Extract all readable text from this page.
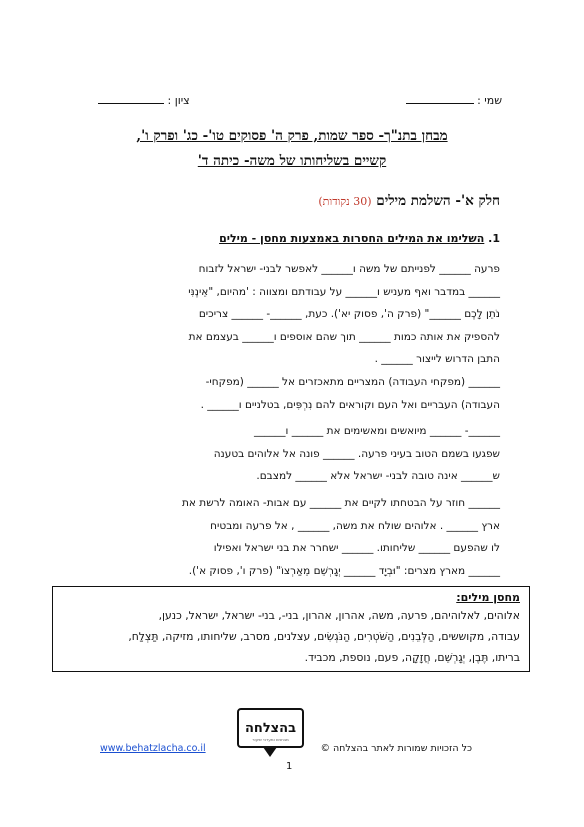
שמי :
ציון :
מבחן בתנ"ך- ספר שמות, פרק ה' פסוקים טו'- כג' ופרק ו',
קשיים בשליחותו של משה- כיתה ד'
חלק א'- השלמת מילים (30 נקודות)
1. השלימו את המילים החסרות באמצעות מחסן - מילים
פרעה ______ לפנייתם של משה ו______ לאפשר לבני- ישראל לזבוח
______ במדבר ואף מעניש ו______ על עבודתם ומצווה : 'מהיום, "אֵינֶנִּי
נֹתֵן לָכֶם ______" (פרק ה', פסוק יא'). כעת, ______- ______ צריכים
להספיק את אותה כמות ______ תוך שהם אוספים ו______ בעצמם את
התבן הדרוש לייצור ______ .
______ (מפקחי העבודה) המצריים מתאכזרים אל ______ (מפקחי-
העבודה) העבריים ואל העם וקוראים להם נִרְפִּים, בטלניים ו______ .
______- ______ מיואשים ומאשימים את ______ ו______
שפגעו בשמם הטוב בעיני פרעה. ______ פונה אל אלוהים בטענה
ש______ אינה טובה לבני- ישראל אלא ______ למצבם.
______ חוזר על הבטחתו לקיים את ______ עם אבות- האומה לרשת את
ארץ ______ . אלוהים שולח את משה, ______ , אל פרעה ומבטיח
לו שהפעם ______ שליחותו. ______ ישחרר את בני ישראל ואפילו
______ מארץ מצרים: "וּבְיָד ______ יְגָרְשֵׁם מֵאַרְצוֹ" (פרק ו', פסוק א').
מחסן מילים:
אלוהים, לאלוהיהם, פרעה, משה, אהרון, אהרון, בני-, בני- ישראל, ישראל, כנען,
עבודה, מקוששים, הַלְּבֵנִים, הַשֹּׁטְרִים, הַנֹּגְשִׂים, עצלנים, מסרב, שליחותו, מזיקה, תַּצְלַח,
בריתו, תֶּבֶן, יְגָרְשֵׁם, חֲזָקָה, פעם, נוספת, מכביד.
בהצלחה
מבחנים ומערכי שיעור
www.behatzlacha.co.il	כל הזכויות שמורות לאתר בהצלחה ©
1
